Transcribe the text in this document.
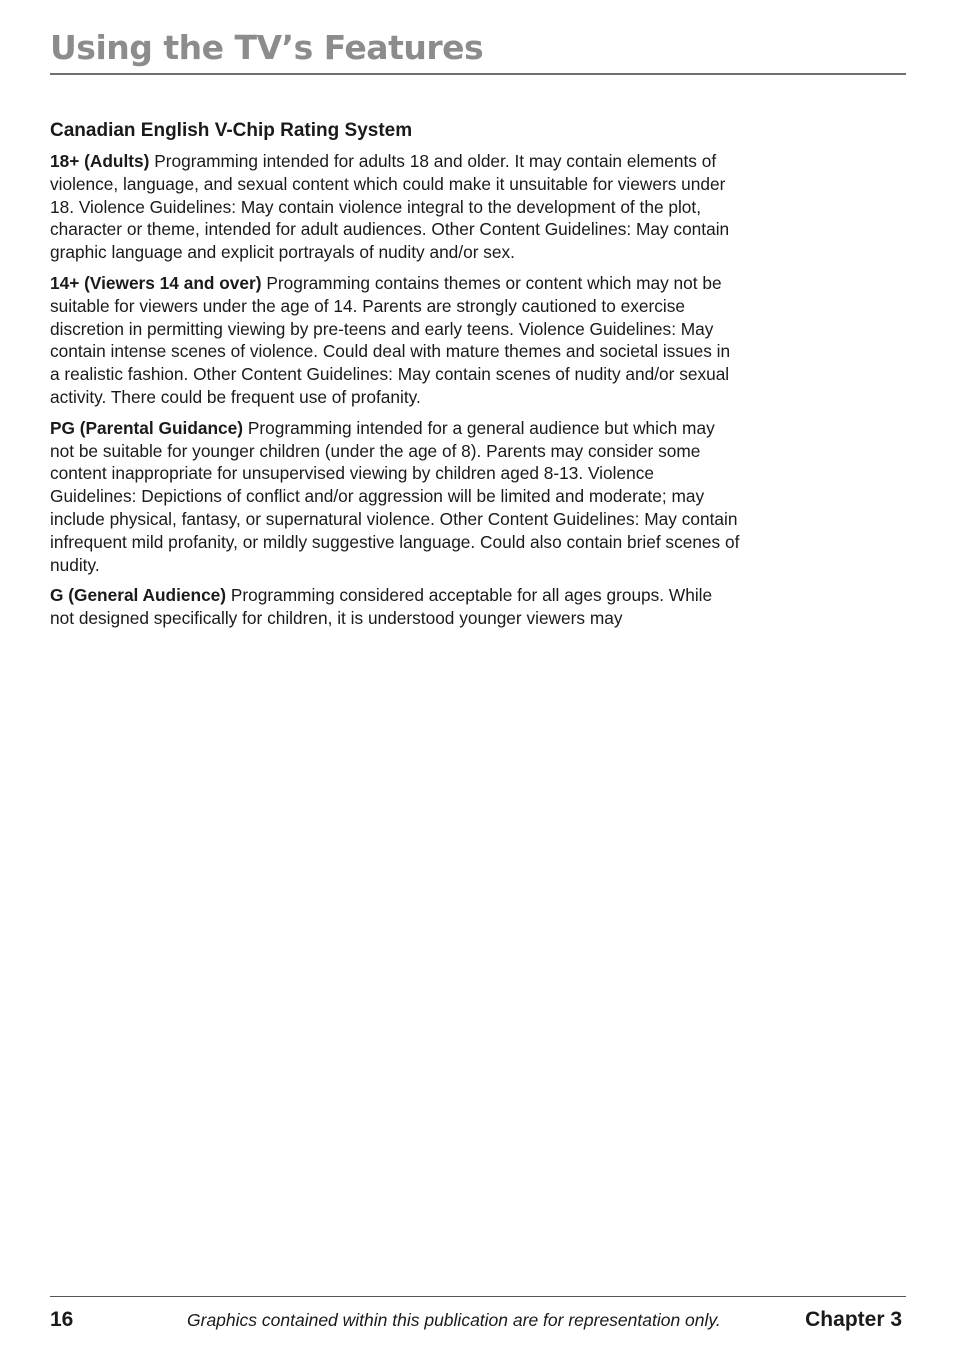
Using the TV’s Features
Canadian English V-Chip Rating System

18+ (Adults) Programming intended for adults 18 and older. It may contain elements of violence, language, and sexual content which could make it unsuitable for viewers under 18. Violence Guidelines: May contain violence integral to the development of the plot, character or theme, intended for adult audiences. Other Content Guidelines: May contain graphic language and explicit portrayals of nudity and/or sex.

14+ (Viewers 14 and over) Programming contains themes or content which may not be suitable for viewers under the age of 14. Parents are strongly cautioned to exercise discretion in permitting viewing by pre-teens and early teens. Violence Guidelines: May contain intense scenes of violence. Could deal with mature themes and societal issues in a realistic fashion. Other Content Guidelines: May contain scenes of nudity and/or sexual activity. There could be frequent use of profanity.

PG (Parental Guidance) Programming intended for a general audience but which may not be suitable for younger children (under the age of 8). Parents may consider some content inappropriate for unsupervised viewing by children aged 8-13. Violence Guidelines: Depictions of conflict and/or aggression will be limited and moderate; may include physical, fantasy, or supernatural violence. Other Content Guidelines: May contain infrequent mild profanity, or mildly suggestive language. Could also contain brief scenes of nudity.

G (General Audience) Programming considered acceptable for all ages groups. While not designed specifically for children, it is understood younger viewers may

16	Graphics contained within this publication are for representation only.	Chapter 3
